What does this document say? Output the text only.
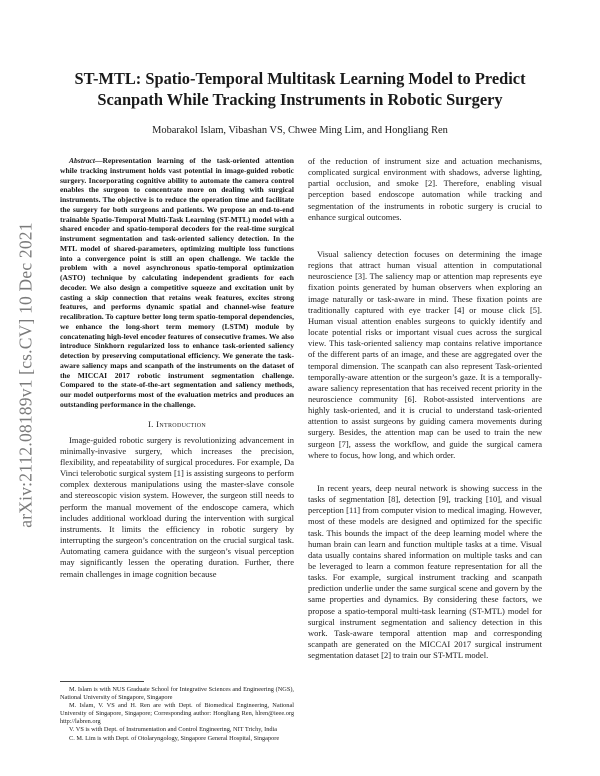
arXiv:2112.08189v1 [cs.CV] 10 Dec 2021
ST-MTL: Spatio-Temporal Multitask Learning Model to Predict Scanpath While Tracking Instruments in Robotic Surgery
Mobarakol Islam, Vibashan VS, Chwee Ming Lim, and Hongliang Ren

Abstract—Representation learning of the task-oriented attention while tracking instrument holds vast potential in image-guided robotic surgery. Incorporating cognitive ability to automate the camera control enables the surgeon to concentrate more on dealing with surgical instruments. The objective is to reduce the operation time and facilitate the surgery for both surgeons and patients. We propose an end-to-end trainable Spatio-Temporal Multi-Task Learning (ST-MTL) model with a shared encoder and spatio-temporal decoders for the real-time surgical instrument segmentation and task-oriented saliency detection. In the MTL model of shared-parameters, optimizing multiple loss functions into a convergence point is still an open challenge. We tackle the problem with a novel asynchronous spatio-temporal optimization (ASTO) technique by calculating independent gradients for each decoder. We also design a competitive squeeze and excitation unit by casting a skip connection that retains weak features, excites strong features, and performs dynamic spatial and channel-wise feature recalibration. To capture better long term spatio-temporal dependencies, we enhance the long-short term memory (LSTM) module by concatenating high-level encoder features of consecutive frames. We also introduce Sinkhorn regularized loss to enhance task-oriented saliency detection by preserving computational efficiency. We generate the task-aware saliency maps and scanpath of the instruments on the dataset of the MICCAI 2017 robotic instrument segmentation challenge. Compared to the state-of-the-art segmentation and saliency methods, our model outperforms most of the evaluation metrics and produces an outstanding performance in the challenge.

I. Introduction

Image-guided robotic surgery is revolutionizing advancement in minimally-invasive surgery, which increases the precision, flexibility, and repeatability of surgical procedures. For example, Da Vinci telerobotic surgical system [1] is assisting surgeons to perform complex dexterous manipulations using the master-slave console and stereoscopic vision system. However, the surgeon still needs to perform the manual movement of the endoscope camera, which includes additional workload during the intervention with surgical instruments. It limits the efficiency in robotic surgery by interrupting the surgeon’s concentration on the crucial surgical task. Automating camera guidance with the surgeon’s visual perception may significantly lessen the operating duration. Further, there remain challenges in image cognition because

M. Islam is with NUS Graduate School for Integrative Sciences and Engineering (NGS), National University of Singapore, Singapore

M. Islam, V. VS and H. Ren are with Dept. of Biomedical Engineering, National University of Singapore, Singapore; Corresponding author: Hongliang Ren, hlren@ieee.org http://labren.org

V. VS is with Dept. of Instrumentation and Control Engineering, NIT Trichy, India

C. M. Lim is with Dept. of Otolaryngology, Singapore General Hospital, Singapore

of the reduction of instrument size and actuation mechanisms, complicated surgical environment with shadows, adverse lighting, partial occlusion, and smoke [2]. Therefore, enabling visual perception based endoscope automation while tracking and segmentation of the instruments in robotic surgery is crucial to enhance surgical outcomes.

Visual saliency detection focuses on determining the image regions that attract human visual attention in computational neuroscience [3]. The saliency map or attention map represents eye fixation points generated by human observers when exploring an image naturally or task-aware in mind. These fixation points are traditionally captured with eye tracker [4] or mouse click [5]. Human visual attention enables surgeons to quickly identify and locate potential risks or important visual cues across the surgical view. This task-oriented saliency map contains relative importance of the different parts of an image, and these are aggregated over the temporal dimension. The scanpath can also represent Task-oriented temporally-aware attention or the surgeon’s gaze. It is a temporally-aware saliency representation that has received recent priority in the neuroscience community [6]. Robot-assisted interventions are highly task-oriented, and it is crucial to understand task-oriented attention to assist surgeons by guiding camera movements during surgery. Besides, the attention map can be used to train the new surgeon [7], assess the workflow, and guide the surgical camera where to focus, how long, and which order.

In recent years, deep neural network is showing success in the tasks of segmentation [8], detection [9], tracking [10], and visual perception [11] from computer vision to medical imaging. However, most of these models are designed and optimized for the specific task. This bounds the impact of the deep learning model where the human brain can learn and function multiple tasks at a time. Visual data usually contains shared information on multiple tasks and can be leveraged to learn a common feature representation for all the tasks. For example, surgical instrument tracking and scanpath prediction underlie under the same surgical scene and govern by the same properties and dynamics. By considering these factors, we propose a spatio-temporal multi-task learning (ST-MTL) model for surgical instrument segmentation and saliency detection in this work. Task-aware temporal attention map and corresponding scanpath are generated on the MICCAI 2017 surgical instrument segmentation dataset [2] to train our ST-MTL model.
